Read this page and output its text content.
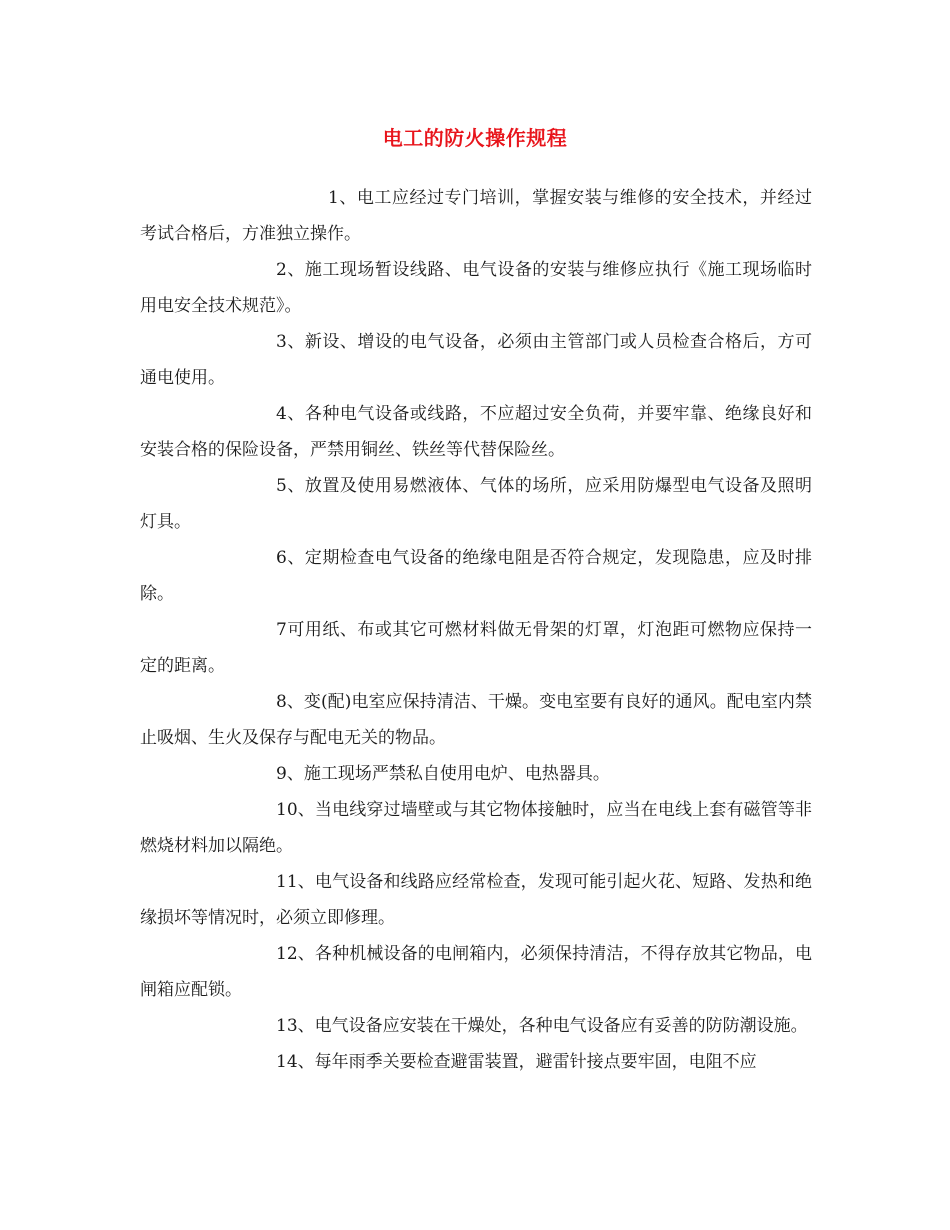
电工的防火操作规程

1、电工应经过专门培训，掌握安装与维修的安全技术，并经过考试合格后，方准独立操作。

2、施工现场暂设线路、电气设备的安装与维修应执行《施工现场临时用电安全技术规范》。

3、新设、增设的电气设备，必须由主管部门或人员检查合格后，方可通电使用。

4、各种电气设备或线路，不应超过安全负荷，并要牢靠、绝缘良好和安装合格的保险设备，严禁用铜丝、铁丝等代替保险丝。

5、放置及使用易燃液体、气体的场所，应采用防爆型电气设备及照明灯具。

6、定期检查电气设备的绝缘电阻是否符合规定，发现隐患，应及时排除。

7可用纸、布或其它可燃材料做无骨架的灯罩，灯泡距可燃物应保持一定的距离。

8、变(配)电室应保持清洁、干燥。变电室要有良好的通风。配电室内禁止吸烟、生火及保存与配电无关的物品。

9、施工现场严禁私自使用电炉、电热器具。

10、当电线穿过墙壁或与其它物体接触时，应当在电线上套有磁管等非燃烧材料加以隔绝。

11、电气设备和线路应经常检查，发现可能引起火花、短路、发热和绝缘损坏等情况时，必须立即修理。

12、各种机械设备的电闸箱内，必须保持清洁，不得存放其它物品，电闸箱应配锁。

13、电气设备应安装在干燥处，各种电气设备应有妥善的防防潮设施。

14、每年雨季关要检查避雷装置，避雷针接点要牢固，电阻不应
